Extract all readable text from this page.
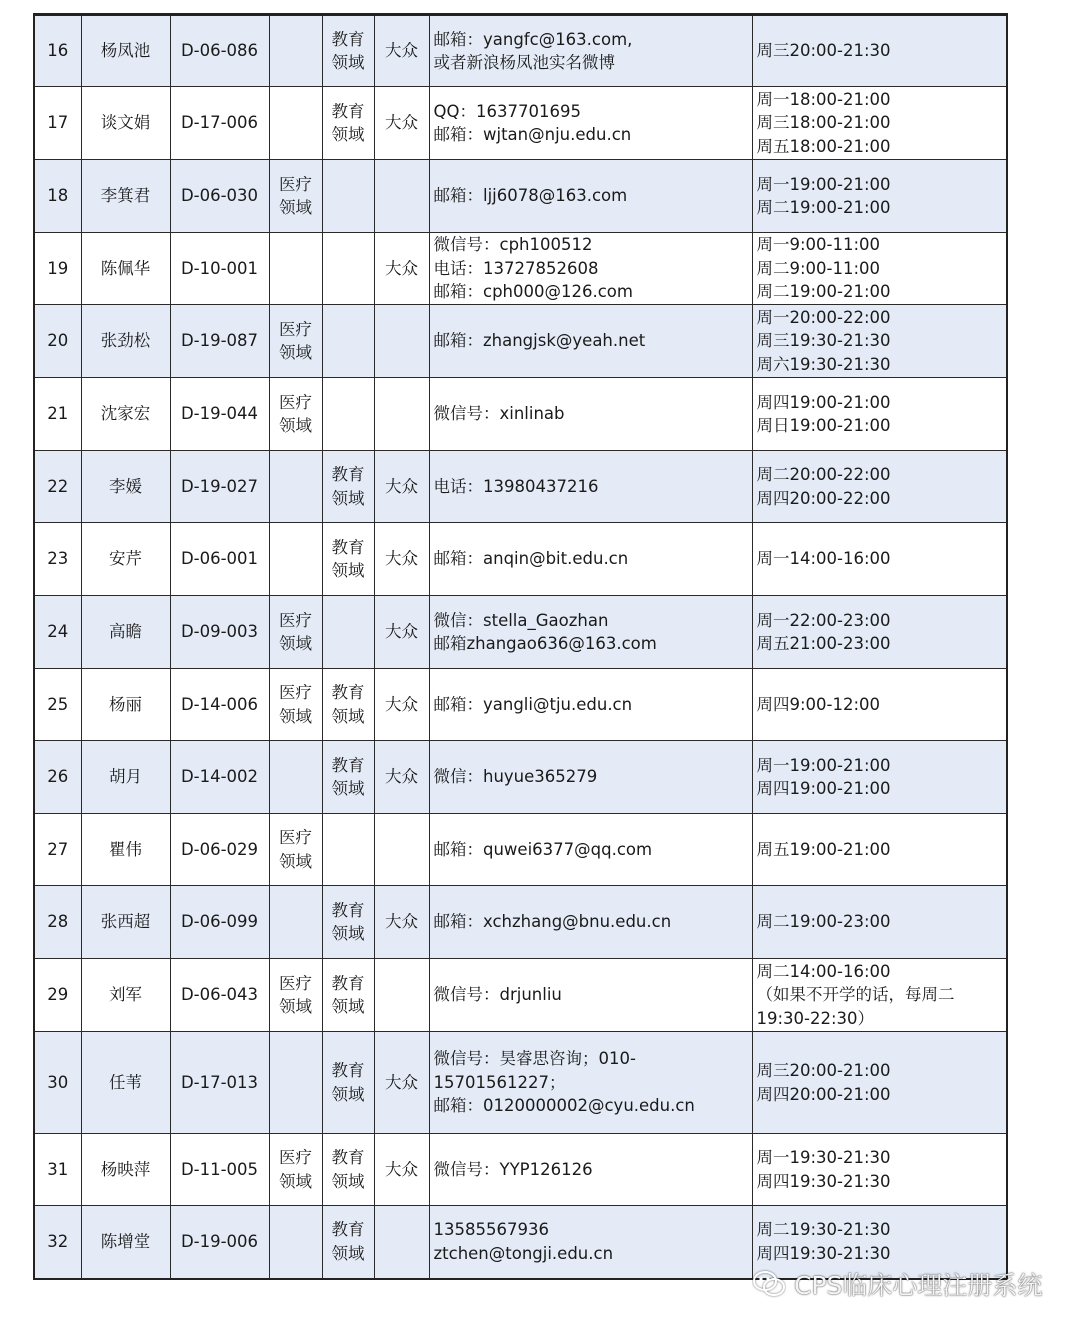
16	杨凤池	D-06-086		教育
领域	大众	邮箱：yangfc@163.com,
或者新浪杨凤池实名微博	周三20:00-21:30

17	谈文娟	D-17-006		教育
领域	大众	QQ：1637701695
邮箱：wjtan@nju.edu.cn	周一18:00-21:00
周三18:00-21:00
周五18:00-21:00

18	李箕君	D-06-030	医疗
领域			邮箱：ljj6078@163.com	周一19:00-21:00
周二19:00-21:00

19	陈佩华	D-10-001			大众	微信号：cph100512
电话：13727852608
邮箱：cph000@126.com	周一9:00-11:00
周二9:00-11:00
周二19:00-21:00

20	张劲松	D-19-087	医疗
领域			邮箱：zhangjsk@yeah.net	周一20:00-22:00
周三19:30-21:30
周六19:30-21:30

21	沈家宏	D-19-044	医疗
领域			微信号：xinlinab	周四19:00-21:00
周日19:00-21:00

22	李媛	D-19-027		教育
领域	大众	电话：13980437216	周二20:00-22:00
周四20:00-22:00

23	安芹	D-06-001		教育
领域	大众	邮箱：anqin@bit.edu.cn	周一14:00-16:00

24	高瞻	D-09-003	医疗
领域		大众	微信：stella_Gaozhan
邮箱zhangao636@163.com	周一22:00-23:00
周五21:00-23:00

25	杨丽	D-14-006	医疗
领域	教育
领域	大众	邮箱：yangli@tju.edu.cn	周四9:00-12:00

26	胡月	D-14-002		教育
领域	大众	微信：huyue365279	周一19:00-21:00
周四19:00-21:00

27	瞿伟	D-06-029	医疗
领域			邮箱：quwei6377@qq.com	周五19:00-21:00

28	张西超	D-06-099		教育
领域	大众	邮箱：xchzhang@bnu.edu.cn	周二19:00-23:00

29	刘军	D-06-043	医疗
领域	教育
领域		微信号：drjunliu	周二14:00-16:00
（如果不开学的话，每周二
19:30-22:30）

30	任苇	D-17-013		教育
领域	大众	微信号：昊睿思咨询；010-
15701561227；
邮箱：0120000002@cyu.edu.cn	周三20:00-21:00
周四20:00-21:00

31	杨映萍	D-11-005	医疗
领域	教育
领域	大众	微信号：YYP126126	周一19:30-21:30
周四19:30-21:30

32	陈增堂	D-19-006		教育
领域		13585567936
ztchen@tongji.edu.cn	周二19:30-21:30
周四19:30-21:30
CPS临床心理注册系统
